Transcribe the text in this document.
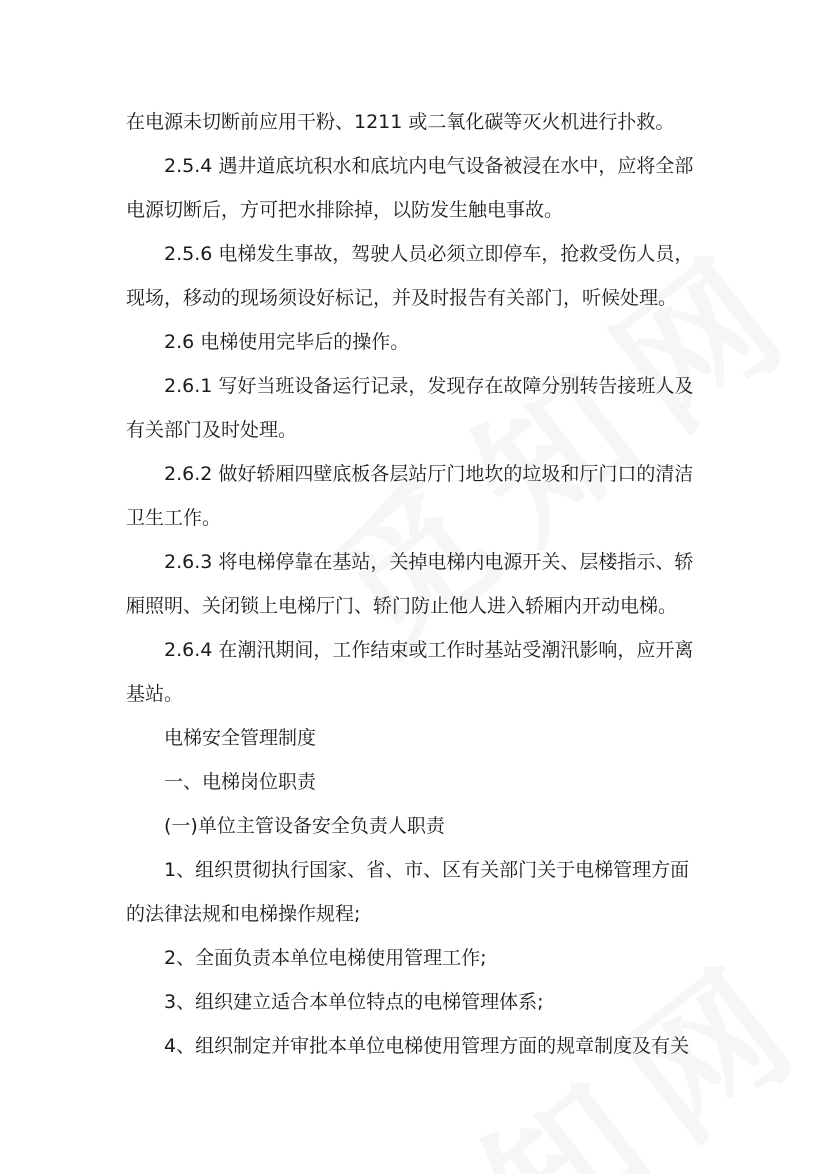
在电源未切断前应用干粉、1211 或二氧化碳等灭火机进行扑救。
2.5.4 遇井道底坑积水和底坑内电气设备被浸在水中，应将全部
电源切断后，方可把水排除掉，以防发生触电事故。
2.5.6 电梯发生事故，驾驶人员必须立即停车，抢救受伤人员，
现场，移动的现场须设好标记，并及时报告有关部门，听候处理。
2.6 电梯使用完毕后的操作。
2.6.1 写好当班设备运行记录，发现存在故障分别转告接班人及
有关部门及时处理。
2.6.2 做好轿厢四壁底板各层站厅门地坎的垃圾和厅门口的清洁
卫生工作。
2.6.3 将电梯停靠在基站，关掉电梯内电源开关、层楼指示、轿
厢照明、关闭锁上电梯厅门、轿门防止他人进入轿厢内开动电梯。
2.6.4 在潮汛期间，工作结束或工作时基站受潮汛影响，应开离
基站。
电梯安全管理制度
一、电梯岗位职责
(一)单位主管设备安全负责人职责
1、组织贯彻执行国家、省、市、区有关部门关于电梯管理方面
的法律法规和电梯操作规程;
2、全面负责本单位电梯使用管理工作;
3、组织建立适合本单位特点的电梯管理体系;
4、组织制定并审批本单位电梯使用管理方面的规章制度及有关
